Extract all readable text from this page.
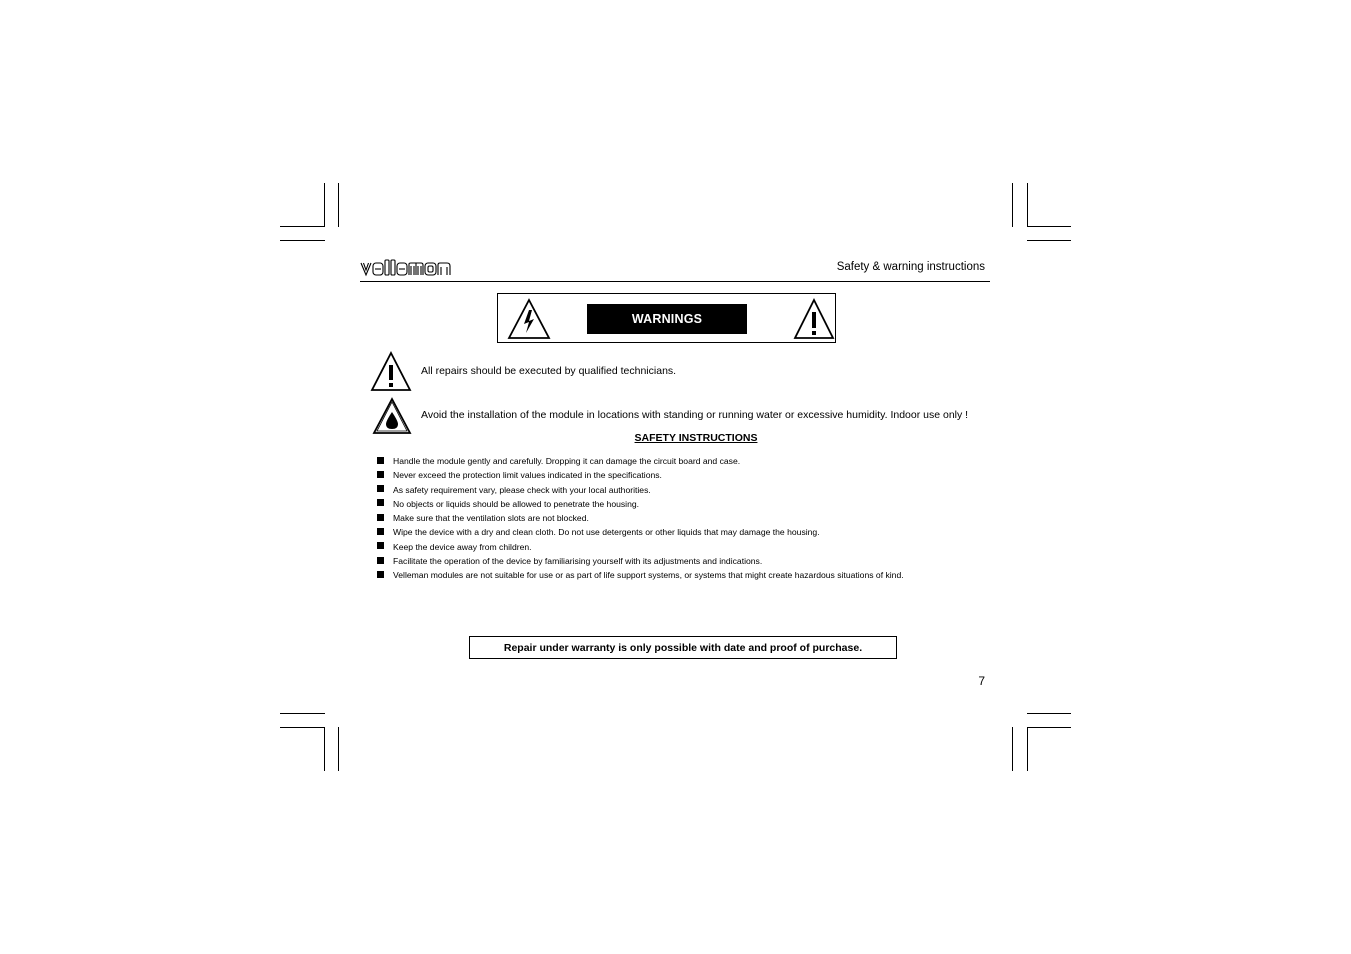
Safety & warning instructions
WARNINGS
All repairs should be executed by qualified technicians.
Avoid the installation of the module in locations with standing or running water or excessive humidity. Indoor use only !
SAFETY INSTRUCTIONS
Handle the module gently and carefully. Dropping it can damage the circuit board and case.
Never exceed the protection limit values indicated in the specifications.
As safety requirement vary, please check with your local authorities.
No objects or liquids should be allowed to penetrate the housing.
Make sure that the ventilation slots are not blocked.
Wipe the device with a dry and clean cloth. Do not use detergents or other liquids that may damage the housing.
Keep the device away from children.
Facilitate the operation of the device by familiarising yourself with its adjustments and indications.
Velleman modules are not suitable for use or as part of life support systems, or systems that might create hazardous situations of kind.
Repair under warranty is only possible with date and proof of purchase.
7
